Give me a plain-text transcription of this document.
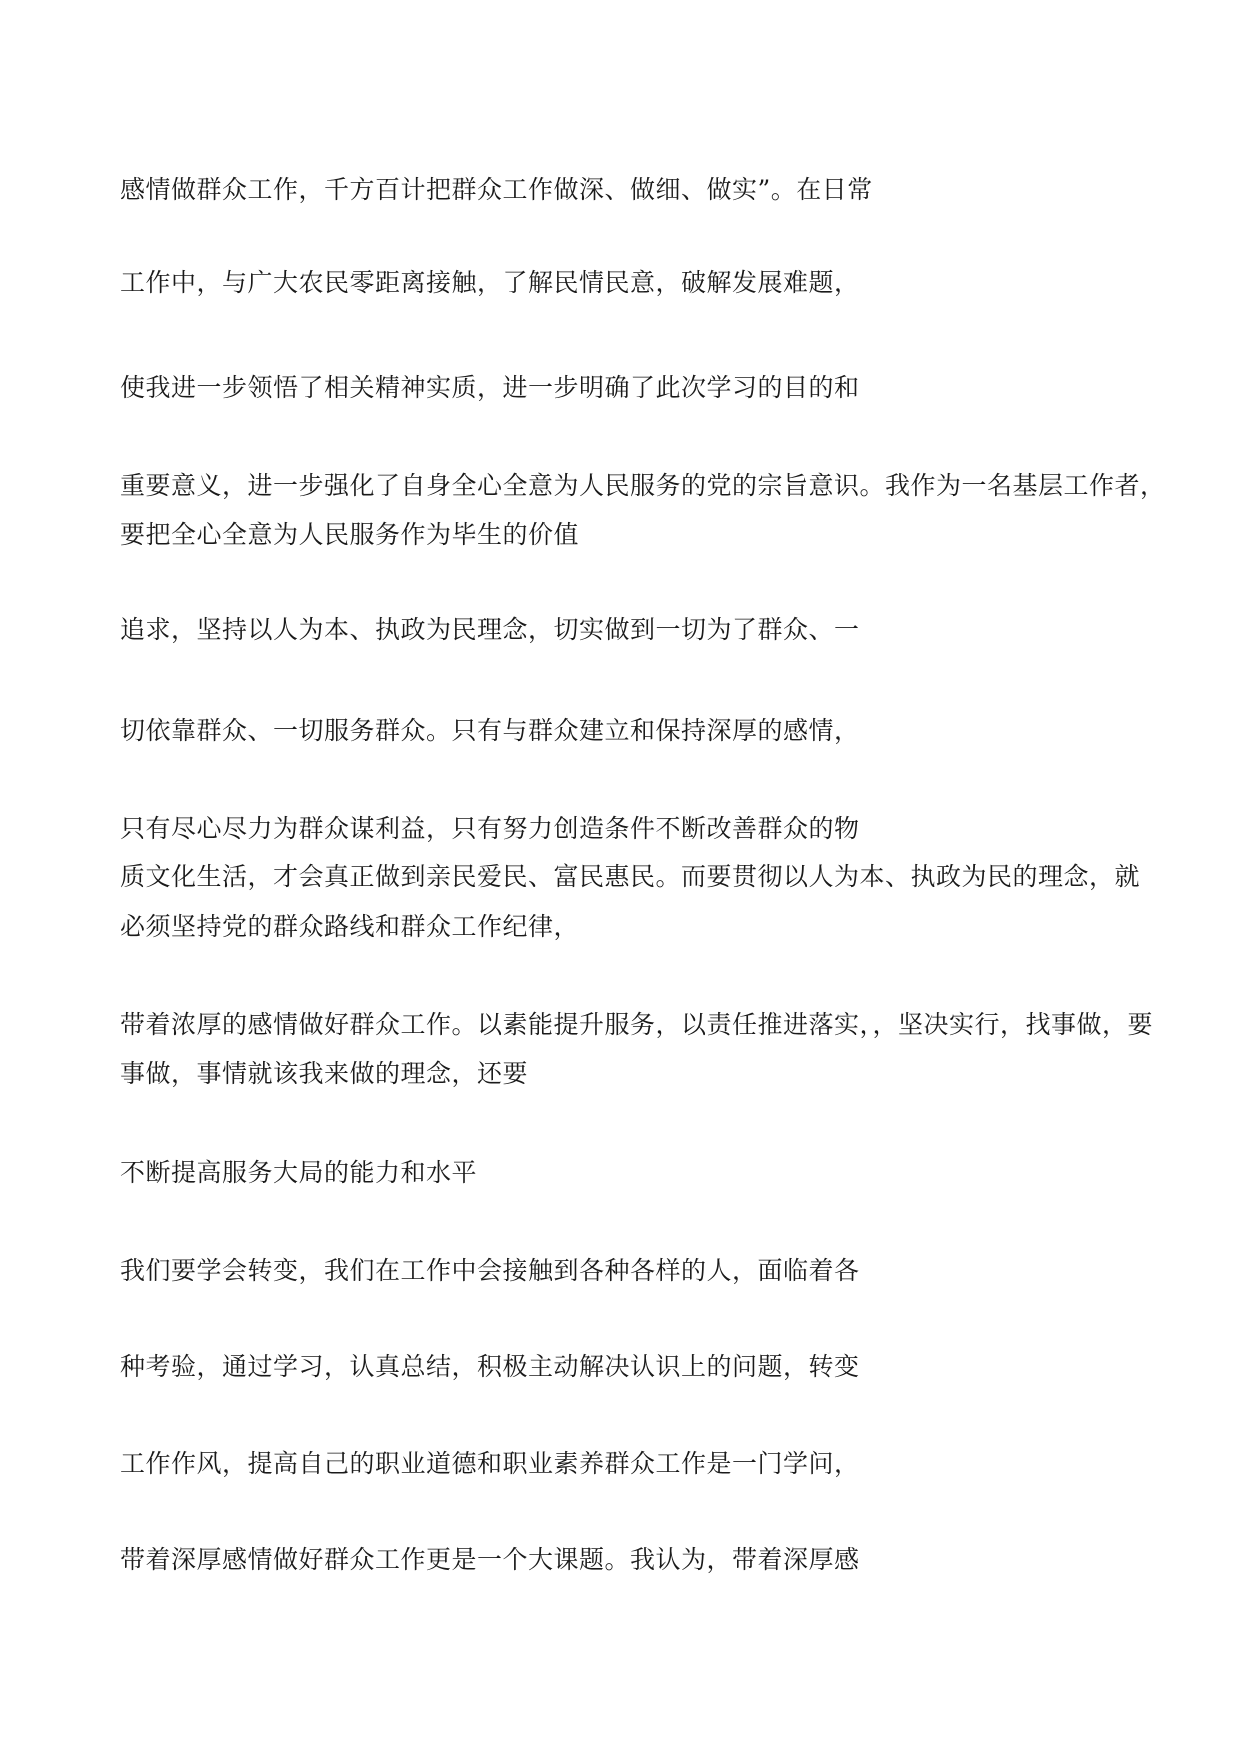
感情做群众工作，千方百计把群众工作做深、做细、做实”。在日常

工作中，与广大农民零距离接触，了解民情民意，破解发展难题，

使我进一步领悟了相关精神实质，进一步明确了此次学习的目的和

重要意义，进一步强化了自身全心全意为人民服务的党的宗旨意识。我作为一名基层工作者，

要把全心全意为人民服务作为毕生的价值

追求，坚持以人为本、执政为民理念，切实做到一切为了群众、一

切依靠群众、一切服务群众。只有与群众建立和保持深厚的感情，

只有尽心尽力为群众谋利益，只有努力创造条件不断改善群众的物

质文化生活，才会真正做到亲民爱民、富民惠民。而要贯彻以人为本、执政为民的理念，就

必须坚持党的群众路线和群众工作纪律，

带着浓厚的感情做好群众工作。以素能提升服务，以责任推进落实，，坚决实行，找事做，要

事做，事情就该我来做的理念，还要

不断提高服务大局的能力和水平

我们要学会转变，我们在工作中会接触到各种各样的人，面临着各

种考验，通过学习，认真总结，积极主动解决认识上的问题，转变

工作作风，提高自己的职业道德和职业素养群众工作是一门学问，

带着深厚感情做好群众工作更是一个大课题。我认为，带着深厚感
